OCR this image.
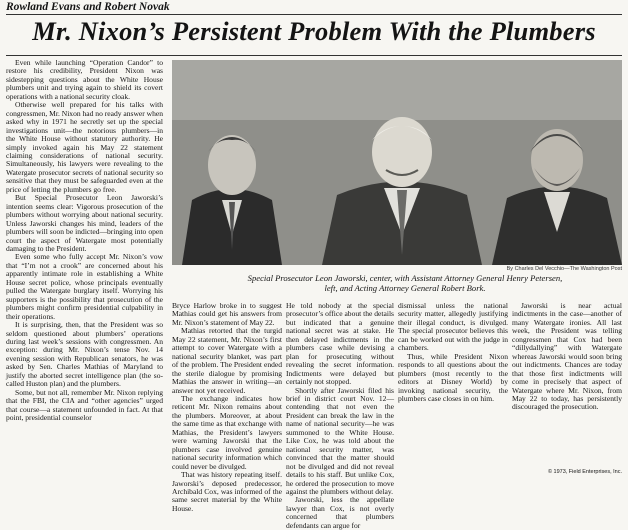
Rowland Evans and Robert Novak
Mr. Nixon’s Persistent Problem With the Plumbers

Even while launching “Operation Candor” to restore his credibility, President Nixon was sidestepping questions about the White House plumbers unit and trying again to shield its covert operations with a national security cloak.

Otherwise well prepared for his talks with congressmen, Mr. Nixon had no ready answer when asked why in 1971 he secretly set up the special investigations unit—the notorious plumbers—in the White House without statutory authority. He simply invoked again his May 22 statement claiming considerations of national security. Simultaneously, his lawyers were revealing to the Watergate prosecutor secrets of national security so sensitive that they must be safeguarded even at the price of letting the plumbers go free.

But Special Prosecutor Leon Jaworski’s intention seems clear: Vigorous prosecution of the plumbers without worrying about national security. Unless Jaworski changes his mind, leaders of the plumbers will soon be indicted—bringing into open court the aspect of Watergate most potentially damaging to the President.

Even some who fully accept Mr. Nixon’s vow that “I’m not a crook” are concerned about his apparently intimate role in establishing a White House secret police, whose principals eventually pulled the Watergate burglary itself. Worrying his supporters is the possibility that prosecution of the plumbers might confirm presidential culpability in their operations.

It is surprising, then, that the President was so seldom questioned about plumbers’ operations during last week’s sessions with congressmen. An exception: during Mr. Nixon’s tense Nov. 14 evening session with Republican senators, he was asked by Sen. Charles Mathias of Maryland to justify the aborted secret intelligence plan (the so-called Huston plan) and the plumbers.

Some, but not all, remember Mr. Nixon replying that the FBI, the CIA and “other agencies” urged that course—a statement unfounded in fact. At that point, presidential counselor

By Charles Del Vecchio—The Washington Post
Special Prosecutor Leon Jaworski, center, with Assistant Attorney General Henry Petersen,
left, and Acting Attorney General Robert Bork.

Bryce Harlow broke in to suggest Mathias could get his answers from Mr. Nixon’s statement of May 22.

Mathias retorted that the turgid May 22 statement, Mr. Nixon’s first attempt to cover Watergate with a national security blanket, was part of the problem. The President ended the sterile dialogue by promising Mathias the answer in writing—an answer not yet received.

The exchange indicates how reticent Mr. Nixon remains about the plumbers. Moreover, at about the same time as that exchange with Mathias, the President’s lawyers were warning Jaworski that the plumbers case involved genuine national security information which could never be divulged.

That was history repeating itself. Jaworski’s deposed predecessor, Archibald Cox, was informed of the same secret material by the White House.

He told nobody at the special prosecutor’s office about the details but indicated that a genuine national secret was at stake. He then delayed indictments in the plumbers case while devising a plan for prosecuting without revealing the secret information. Indictments were delayed but certainly not stopped.

Shortly after Jaworski filed his brief in district court Nov. 12—contending that not even the President can break the law in the name of national security—he was summoned to the White House. Like Cox, he was told about the national security matter, was convinced that the matter should not be divulged and did not reveal details to his staff. But unlike Cox, he ordered the prosecution to move against the plumbers without delay.

Jaworski, less the appellate lawyer than Cox, is not overly concerned that plumbers defendants can argue for

dismissal unless the national security matter, allegedly justifying their illegal conduct, is divulged. The special prosecutor believes this can be worked out with the judge in chambers.

Thus, while President Nixon responds to all questions about the plumbers (most recently to the editors at Disney World) by invoking national security, the plumbers case closes in on him.

Jaworski is near actual indictments in the case—another of many Watergate ironies. All last week, the President was telling congressmen that Cox had been “dillydallying” with Watergate whereas Jaworski would soon bring out indictments. Chances are today that those first indictments will come in precisely that aspect of Watergate where Mr. Nixon, from May 22 to today, has persistently discouraged the prosecution.

© 1973, Field Enterprises, Inc.
